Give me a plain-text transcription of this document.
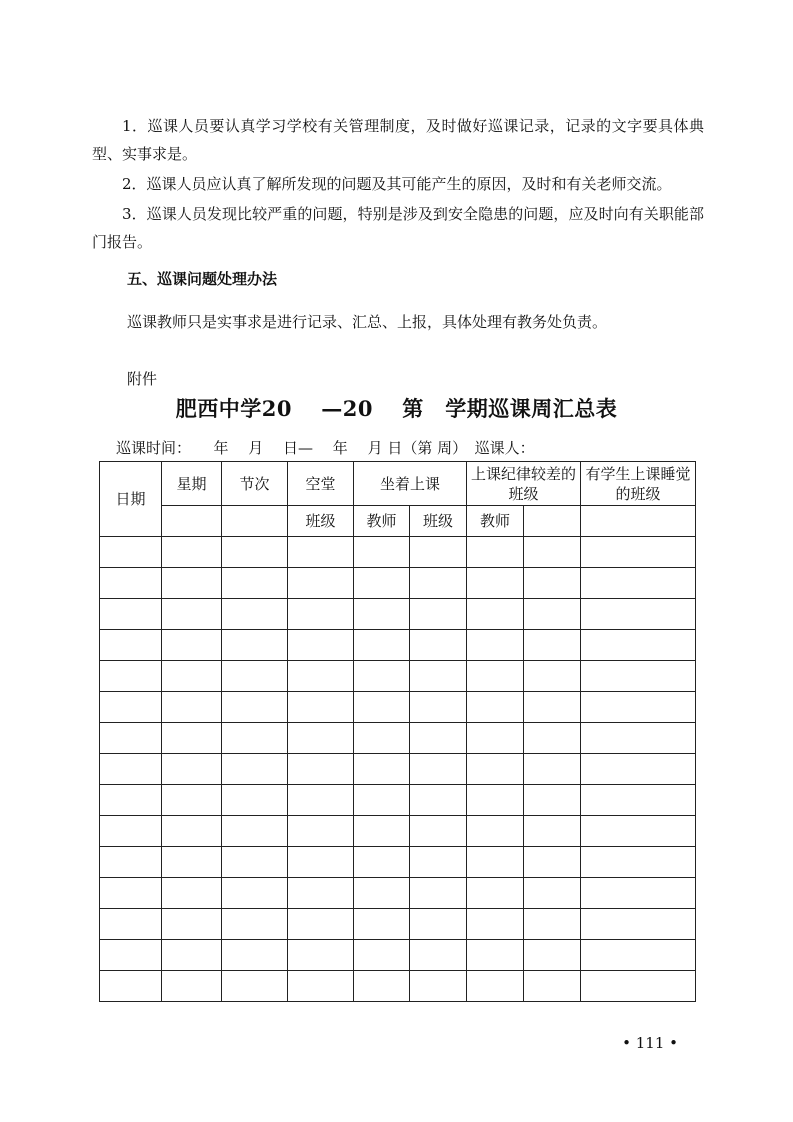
1．巡课人员要认真学习学校有关管理制度，及时做好巡课记录，记录的文字要具体典型、实事求是。

2．巡课人员应认真了解所发现的问题及其可能产生的原因，及时和有关老师交流。

3．巡课人员发现比较严重的问题，特别是涉及到安全隐患的问题，应及时向有关职能部门报告。

五、巡课问题处理办法

巡课教师只是实事求是进行记录、汇总、上报，具体处理有教务处负责。

附件

肥西中学20　 —20　 第　学期巡课周汇总表

巡课时间：　　年　 月　 日—　 年　 月 日（第 周）　巡课人：

日期	星期	节次	空堂	坐着上课		上课纪律较差的班级		有学生上课睡觉的班级
			班级	教师	班级	教师		

• 111 •
